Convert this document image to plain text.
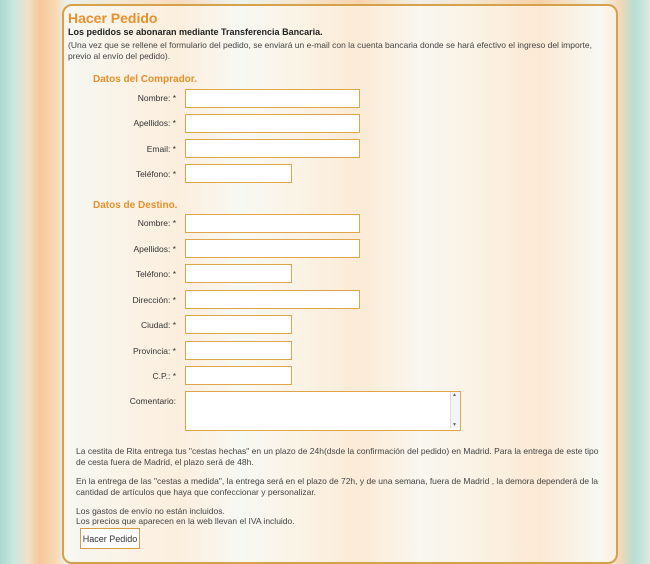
Hacer Pedido
Los pedidos se abonaran mediante Transferencia Bancaria.
(Una vez que se rellene el formulario del pedido, se enviará un e-mail con la cuenta bancaria donde se hará efectivo el ingreso del importe, previo al envío del pedido).
Datos del Comprador.
Nombre: *
Apellidos: *
Email: *
Teléfono: *
Datos de Destino.
Nombre: *
Apellidos: *
Teléfono: *
Dirección: *
Ciudad: *
Provincia: *
C.P.: *
Comentario:
▲
▼
La cestita de Rita entrega tus "cestas hechas" en un plazo de 24h(dsde la confirmación del pedido) en Madrid. Para la entrega de este tipo de cesta fuera de Madrid, el plazo será de 48h.
En la entrega de las "cestas a medida", la entrega será en el plazo de 72h, y de una semana, fuera de Madrid , la demora dependerá de la cantidad de artículos que haya que confeccionar y personalizar.
Los gastos de envío no están incluidos.
Los precios que aparecen en la web llevan el IVA incluido.
Hacer Pedido
